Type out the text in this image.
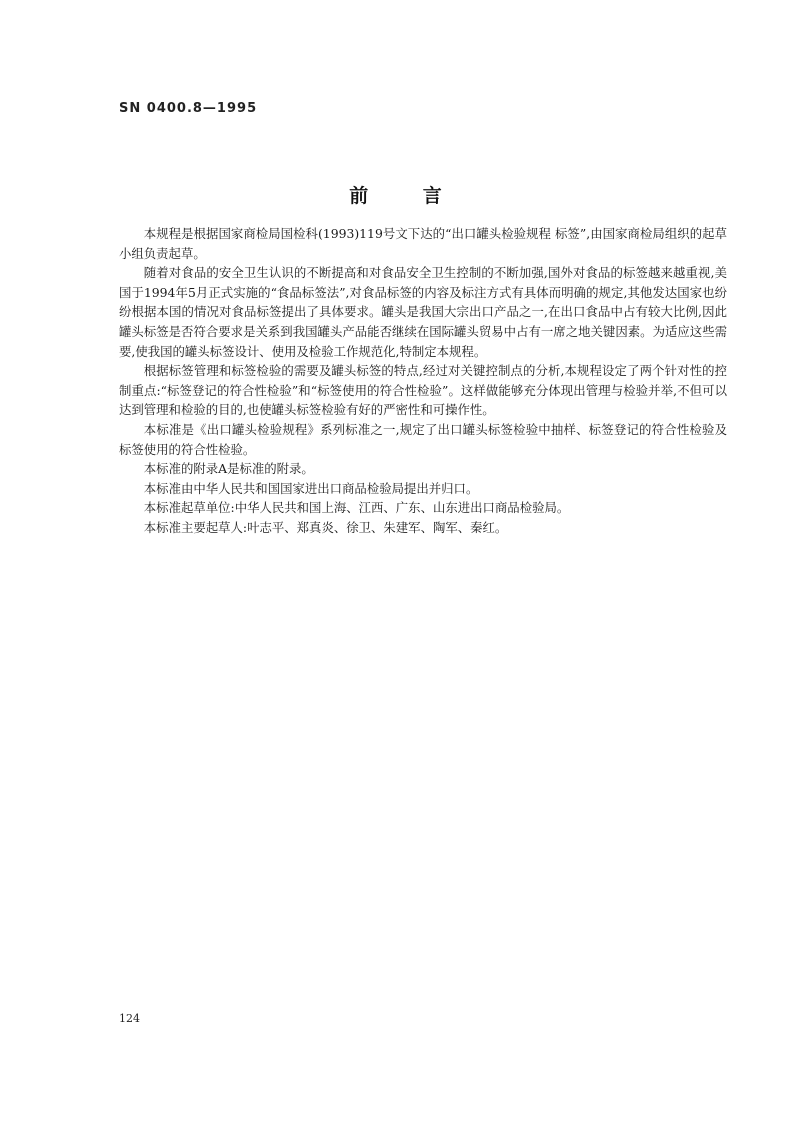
SN 0400.8—1995
前 言

本规程是根据国家商检局国检科(1993)119号文下达的“出口罐头检验规程 标签”,由国家商检局组织的起草小组负责起草。

随着对食品的安全卫生认识的不断提高和对食品安全卫生控制的不断加强,国外对食品的标签越来越重视,美国于1994年5月正式实施的“食品标签法”,对食品标签的内容及标注方式有具体而明确的规定,其他发达国家也纷纷根据本国的情况对食品标签提出了具体要求。罐头是我国大宗出口产品之一,在出口食品中占有较大比例,因此罐头标签是否符合要求是关系到我国罐头产品能否继续在国际罐头贸易中占有一席之地关键因素。为适应这些需要,使我国的罐头标签设计、使用及检验工作规范化,特制定本规程。

根据标签管理和标签检验的需要及罐头标签的特点,经过对关键控制点的分析,本规程设定了两个针对性的控制重点:“标签登记的符合性检验”和“标签使用的符合性检验”。这样做能够充分体现出管理与检验并举,不但可以达到管理和检验的目的,也使罐头标签检验有好的严密性和可操作性。

本标准是《出口罐头检验规程》系列标准之一,规定了出口罐头标签检验中抽样、标签登记的符合性检验及标签使用的符合性检验。

本标准的附录A是标准的附录。

本标准由中华人民共和国国家进出口商品检验局提出并归口。

本标准起草单位:中华人民共和国上海、江西、广东、山东进出口商品检验局。

本标准主要起草人:叶志平、郑真炎、徐卫、朱建军、陶军、秦红。

124
